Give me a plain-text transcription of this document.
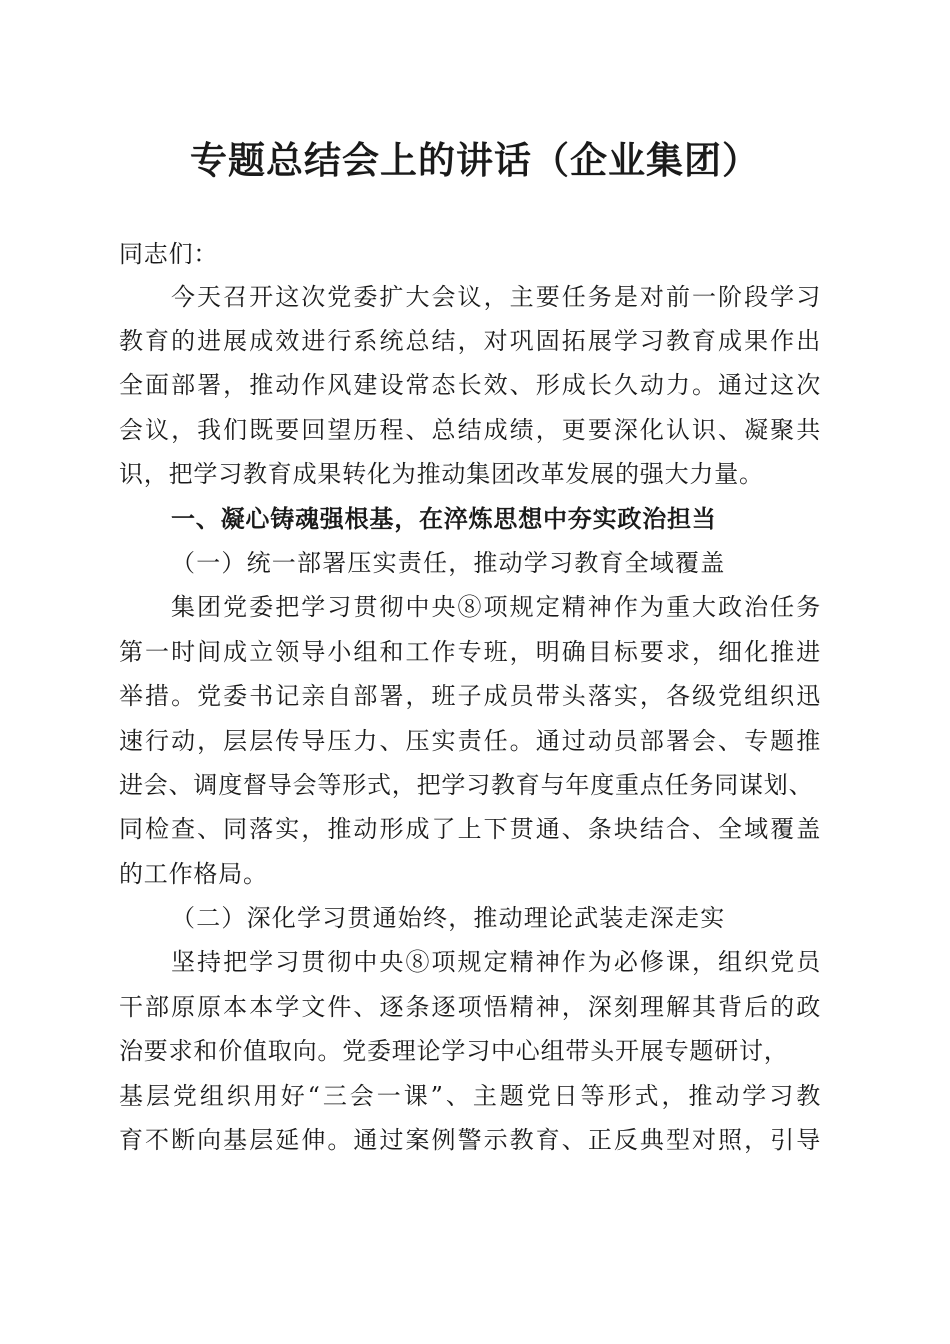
专题总结会上的讲话（企业集团）
同志们：
今天召开这次党委扩大会议，主要任务是对前一阶段学习
教育的进展成效进行系统总结，对巩固拓展学习教育成果作出
全面部署，推动作风建设常态长效、形成长久动力。通过这次
会议，我们既要回望历程、总结成绩，更要深化认识、凝聚共
识，把学习教育成果转化为推动集团改革发展的强大力量。
一、凝心铸魂强根基，在淬炼思想中夯实政治担当
（一）统一部署压实责任，推动学习教育全域覆盖
集团党委把学习贯彻中央⑧项规定精神作为重大政治任务
第一时间成立领导小组和工作专班，明确目标要求，细化推进
举措。党委书记亲自部署，班子成员带头落实，各级党组织迅
速行动，层层传导压力、压实责任。通过动员部署会、专题推
进会、调度督导会等形式，把学习教育与年度重点任务同谋划、
同检查、同落实，推动形成了上下贯通、条块结合、全域覆盖
的工作格局。
（二）深化学习贯通始终，推动理论武装走深走实
坚持把学习贯彻中央⑧项规定精神作为必修课，组织党员
干部原原本本学文件、逐条逐项悟精神，深刻理解其背后的政
治要求和价值取向。党委理论学习中心组带头开展专题研讨，
基层党组织用好“三会一课”、主题党日等形式，推动学习教
育不断向基层延伸。通过案例警示教育、正反典型对照，引导
